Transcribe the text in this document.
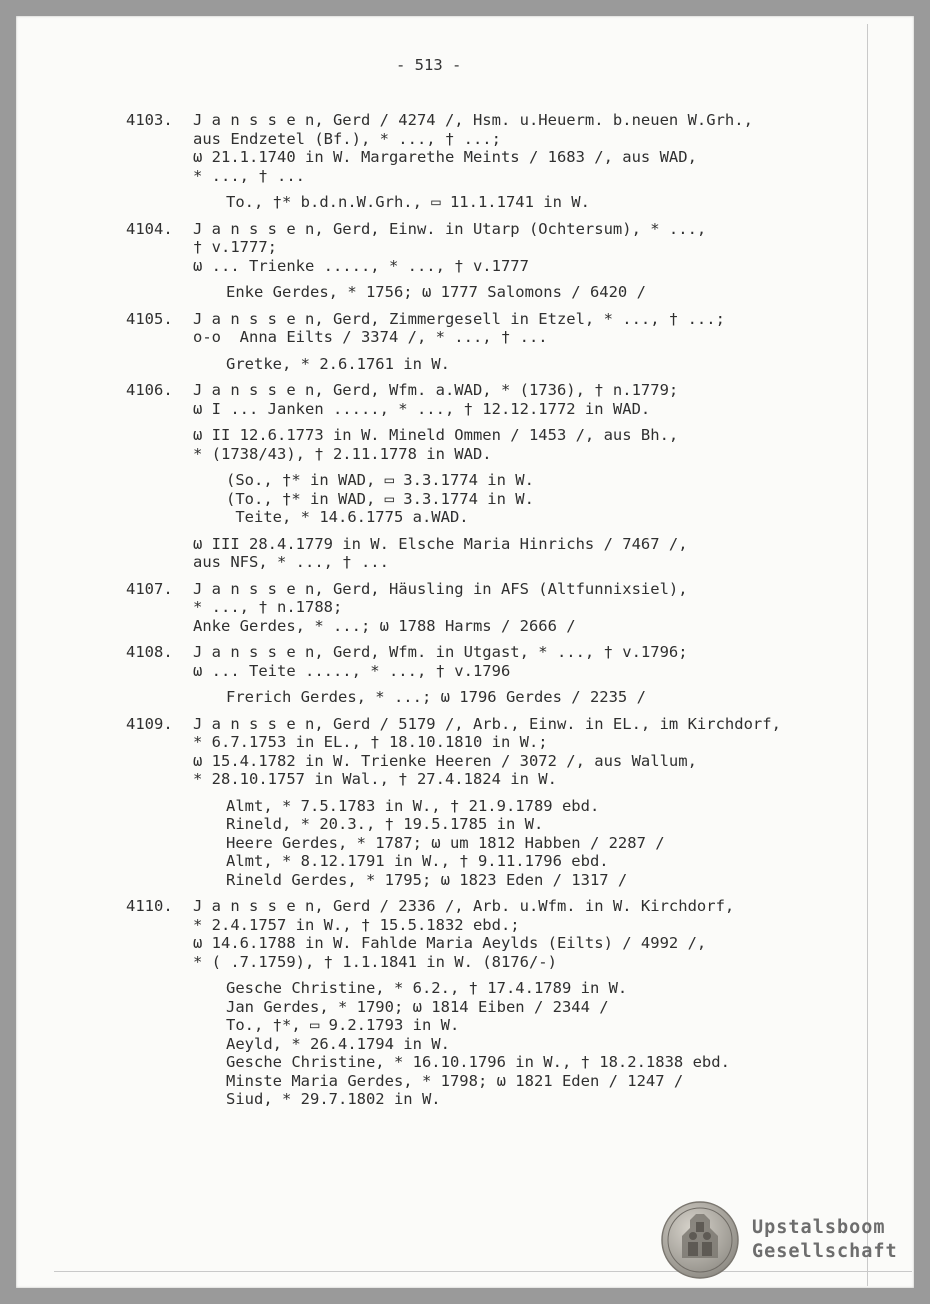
- 513 -
4103. J a n s s e n, Gerd / 4274 /, Hsm. u.Heuerm. b.neuen W.Grh.,
aus Endzetel (Bf.), * ..., † ...;
ω 21.1.1740 in W. Margarethe Meints / 1683 /, aus WAD,
* ..., † ...
To., †* b.d.n.W.Grh., ▭ 11.1.1741 in W.
4104. J a n s s e n, Gerd, Einw. in Utarp (Ochtersum), * ...,
† v.1777;
ω ... Trienke ....., * ..., † v.1777
Enke Gerdes, * 1756; ω 1777 Salomons / 6420 /
4105. J a n s s e n, Gerd, Zimmergesell in Etzel, * ..., † ...;
o-o  Anna Eilts / 3374 /, * ..., † ...
Gretke, * 2.6.1761 in W.
4106. J a n s s e n, Gerd, Wfm. a.WAD, * (1736), † n.1779;
ω I ... Janken ....., * ..., † 12.12.1772 in WAD.
ω II 12.6.1773 in W. Mineld Ommen / 1453 /, aus Bh.,
* (1738/43), † 2.11.1778 in WAD.
(So., †* in WAD, ▭ 3.3.1774 in W.
(To., †* in WAD, ▭ 3.3.1774 in W.
Teite, * 14.6.1775 a.WAD.
ω III 28.4.1779 in W. Elsche Maria Hinrichs / 7467 /,
aus NFS, * ..., † ...
4107. J a n s s e n, Gerd, Häusling in AFS (Altfunnixsiel),
* ..., † n.1788;
Anke Gerdes, * ...; ω 1788 Harms / 2666 /
4108. J a n s s e n, Gerd, Wfm. in Utgast, * ..., † v.1796;
ω ... Teite ....., * ..., † v.1796
Frerich Gerdes, * ...; ω 1796 Gerdes / 2235 /
4109. J a n s s e n, Gerd / 5179 /, Arb., Einw. in EL., im Kirchdorf,
* 6.7.1753 in EL., † 18.10.1810 in W.;
ω 15.4.1782 in W. Trienke Heeren / 3072 /, aus Wallum,
* 28.10.1757 in Wal., † 27.4.1824 in W.
Almt, * 7.5.1783 in W., † 21.9.1789 ebd.
Rineld, * 20.3., † 19.5.1785 in W.
Heere Gerdes, * 1787; ω um 1812 Habben / 2287 /
Almt, * 8.12.1791 in W., † 9.11.1796 ebd.
Rineld Gerdes, * 1795; ω 1823 Eden / 1317 /
4110. J a n s s e n, Gerd / 2336 /, Arb. u.Wfm. in W. Kirchdorf,
* 2.4.1757 in W., † 15.5.1832 ebd.;
ω 14.6.1788 in W. Fahlde Maria Aeylds (Eilts) / 4992 /,
* ( .7.1759), † 1.1.1841 in W. (8176/-)
Gesche Christine, * 6.2., † 17.4.1789 in W.
Jan Gerdes, * 1790; ω 1814 Eiben / 2344 /
To., †*, ▭ 9.2.1793 in W.
Aeyld, * 26.4.1794 in W.
Gesche Christine, * 16.10.1796 in W., † 18.2.1838 ebd.
Minste Maria Gerdes, * 1798; ω 1821 Eden / 1247 /
Siud, * 29.7.1802 in W.
Upstalsboom
Gesellschaft
